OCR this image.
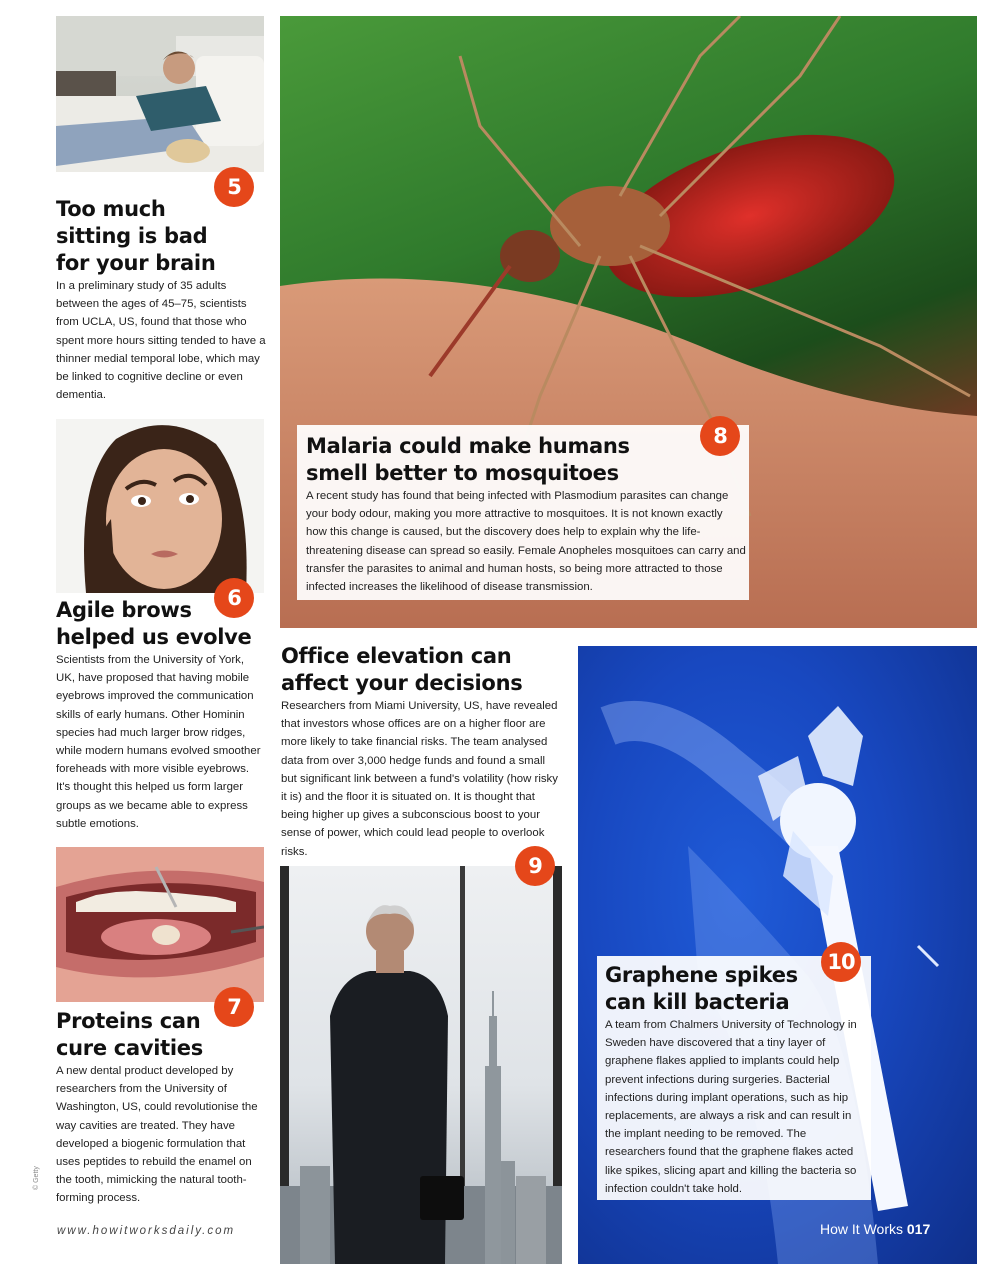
5
Too much
sitting is bad
for your brain
In a preliminary study of 35 adults between the ages of 45–75, scientists from UCLA, US, found that those who spent more hours sitting tended to have a thinner medial temporal lobe, which may be linked to cognitive decline or even dementia.
8
Malaria could make humans
smell better to mosquitoes
A recent study has found that being infected with Plasmodium parasites can change your body odour, making you more attractive to mosquitoes. It is not known exactly how this change is caused, but the discovery does help to explain why the life-threatening disease can spread so easily. Female Anopheles mosquitoes can carry and transfer the parasites to animal and human hosts, so being more attracted to those infected increases the likelihood of disease transmission.
6
Agile brows
helped us evolve
Scientists from the University of York, UK, have proposed that having mobile eyebrows improved the communication skills of early humans. Other Hominin species had much larger brow ridges, while modern humans evolved smoother foreheads with more visible eyebrows. It's thought this helped us form larger groups as we became able to express subtle emotions.
Office elevation can
affect your decisions
Researchers from Miami University, US, have revealed that investors whose offices are on a higher floor are more likely to take financial risks. The team analysed data from over 3,000 hedge funds and found a small but significant link between a fund's volatility (how risky it is) and the floor it is situated on. It is thought that being higher up gives a subconscious boost to your sense of power, which could lead people to overlook risks.
9
10
Graphene spikes
can kill bacteria
A team from Chalmers University of Technology in Sweden have discovered that a tiny layer of graphene flakes applied to implants could help prevent infections during surgeries. Bacterial infections during implant operations, such as hip replacements, are always a risk and can result in the implant needing to be removed. The researchers found that the graphene flakes acted like spikes, slicing apart and killing the bacteria so infection couldn't take hold.
7
Proteins can
cure cavities
A new dental product developed by researchers from the University of Washington, US, could revolutionise the way cavities are treated. They have developed a biogenic formulation that uses peptides to rebuild the enamel on the tooth, mimicking the natural tooth-forming process.
© Getty
www.howitworksdaily.com	How It Works 017
